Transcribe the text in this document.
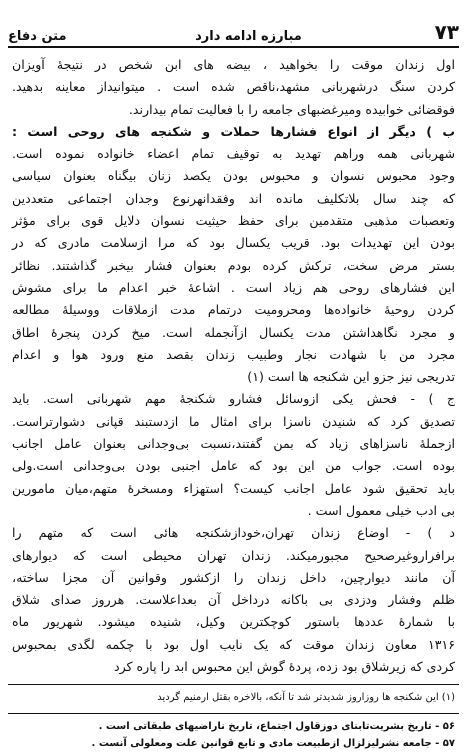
۷۳
مبارزه ادامه دارد
متن دفاع
اول زندان موقت را بخواهید ، بیضه های ابن شخص در نتیجهٔ آویزان
کردن سنگ درشهربانی مشهد،ناقص شده است . میتوانیداز معاینه بدهید.
فوقضائی خوابیده ومیرغضبهای جامعه را با فعالیت تمام بیدارند.
ب ) دیگر از انواع فشارها حملات و شکنجه های روحی است :
شهربانی همه وراهم تهدید به توقیف تمام اعضاء خانواده نموده است.
وجود محبوس نسوان و محبوس بودن یکصد زنان بیگناه بعنوان سیاسی
که چند سال بلاتکلیف مانده اند وفقدانهرنوع وجدان اجتماعی متعددین
وتعصبات مذهبی متقدمین برای حفظ حیثیت نسوان دلایل قوی برای مؤثر
بودن این تهدیدات بود. قریب یکسال بود که مرا ازسلامت مادری که در
بستر مرض سخت، ترکش کرده بودم بعنوان فشار بیخبر گذاشتند. نظائر
این فشارهای روحی هم زیاد است . اشاعهٔ خبر اعدام ما برای مشوش
کردن روحیهٔ خانواده‌ها ومحرومیت درتمام مدت ازملاقات ووسیلهٔ مطالعه
و مجرد نگاهداشتن مدت یکسال ازآنجمله است. میخ کردن پنجرهٔ اطاق
مجرد من با شهادت نجار وطبیب زندان بقصد منع ورود هوا و اعدام
تدریجی نیز جزو این شکنجه ها است (۱)
ج ) - فحش یکی ازوسائل فشارو شکنجهٔ مهم شهربانی است. باید
تصدیق کرد که شنیدن ناسزا برای امثال ما ازدستبند قپانی دشوارتراست.
ازجملهٔ ناسزاهای زیاد که بمن گفتند،نسبت بی‌وجدانی بعنوان عامل اجانب
بوده است. جواب من این بود که عامل اجنبی بودن بی‌وجدانی است.ولی
باید تحقیق شود عامل اجانب کیست؟ استهزاء ومسخرهٔ متهم،میان مامورین
بی ادب خیلی معمول است .
د ) - اوضاع زندان تهران،خودازشکنجه هائی است که متهم را
برافراروغیرصحیح مجبورمیکند. زندان تهران محیطی است که دیوارهای
آن مانند دیوارچین، داخل زندان را ازکشور وقوانین آن مجزا ساخته،
ظلم وفشار ودزدی بی باکانه درداخل آن بعداعلاست. هرروز صدای شلاق
با شمارهٔ عددها باستور کوچکترین وکیل، شنیده میشود. شهریور ماه
۱۳۱۶ معاون زندان موقت که یک نایب اول بود با چکمه لگدی بمحبوس
کردی که زیرشلاق بود زده، پردهٔ گوش این محبوس ابد را پاره کرد
(۱) این شکنجه ها روزاروز شدیدتر شد تا آنکه، بالاخره بقتل ارمنیم گردید
۵۶ - تاریخ بشریت‌تابنای دوزقاول اجتماع، تاریخ ناراضیهای طبقاتی است .
۵۷ - جامعه نشرلیزلزال ازطبیعت مادی و تابع قوانین علت ومعلولی آنست .
